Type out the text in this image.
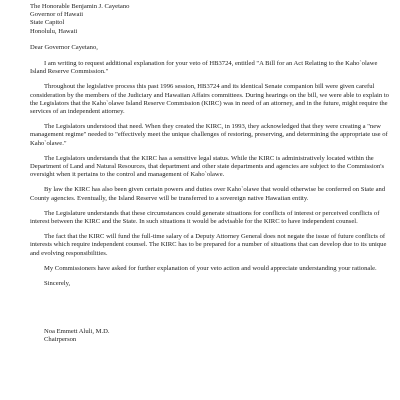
The Honorable Benjamin J. Cayetano

Governor of Hawaii

State Capitol

Honolulu, Hawaii

Dear Governor Cayetano,

I am writing to request additional explanation for your veto of HB3724, entitled "A Bill for an Act Relating to the Kaho`olawe Island Reserve Commission."

Throughout the legislative process this past 1996 session, HB3724 and its identical Senate companion bill were given careful consideration by the members of the Judiciary and Hawaiian Affairs committees. During hearings on the bill, we were able to explain to the Legislators that the Kaho`olawe Island Reserve Commission (KIRC) was in need of an attorney, and in the future, might require the services of an independent attorney.

The Legislators understood that need. When they created the KIRC, in 1993, they acknowledged that they were creating a "new management regime" needed to "effectively meet the unique challenges of restoring, preserving, and determining the appropriate use of Kaho`olawe."

The Legislators understands that the KIRC has a sensitive legal status. While the KIRC is administratively located within the Department of Land and Natural Resources, that department and other state departments and agencies are subject to the Commission's oversight when it pertains to the control and management of Kaho`olawe.

By law the KIRC has also been given certain powers and duties over Kaho`olawe that would otherwise be conferred on State and County agencies. Eventually, the Island Reserve will be transferred to a sovereign native Hawaiian entity.

The Legislature understands that these circumstances could generate situations for conflicts of interest or perceived conflicts of interest between the KIRC and the State. In such situations it would be advisable for the KIRC to have independent counsel.

The fact that the KIRC will fund the full-time salary of a Deputy Attorney General does not negate the issue of future conflicts of interests which require independent counsel. The KIRC has to be prepared for a number of situations that can develop due to its unique and evolving responsibilities.

My Commissioners have asked for further explanation of your veto action and would appreciate understanding your rationale.

Sincerely,

Noa Emmett Aluli, M.D.

Chairperson
